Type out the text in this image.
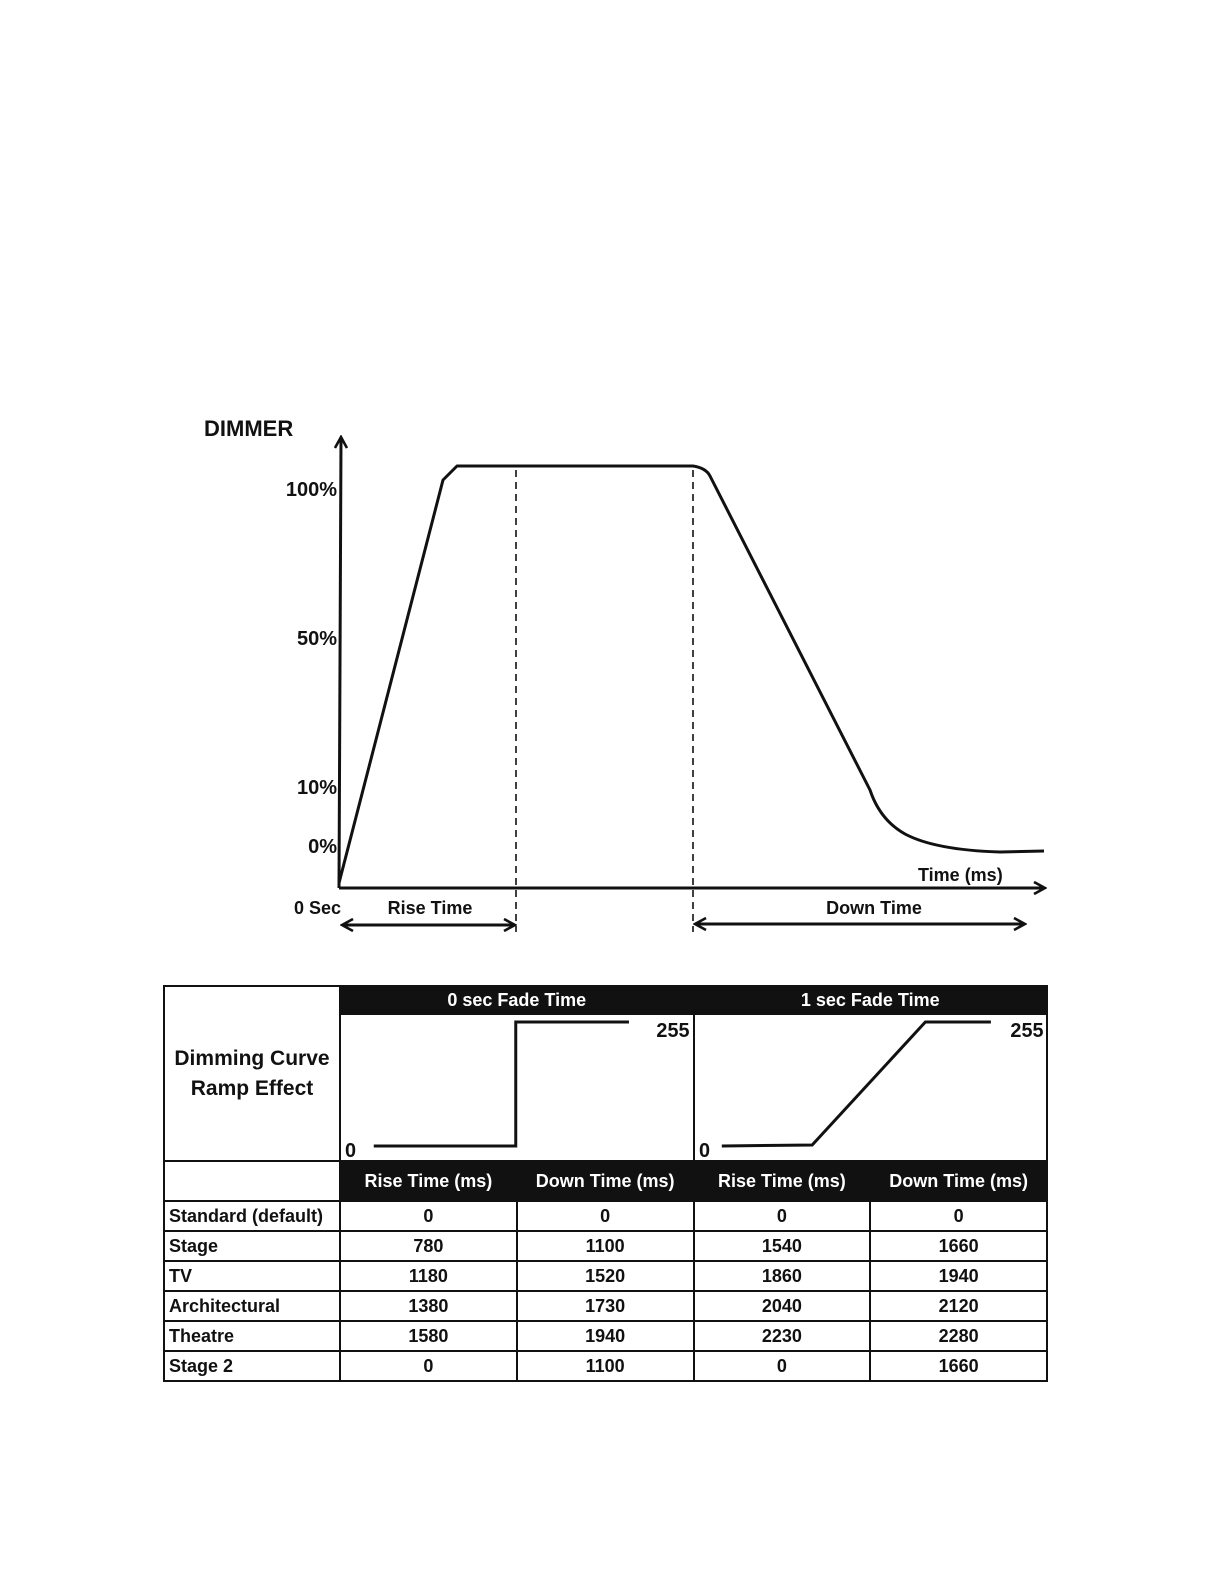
DIMMER
100%
50%
10%
0%
Time (ms)
0 Sec	Rise Time	Down Time
Dimming Curve Ramp Effect	0 sec Fade Time		1 sec Fade Time	

0
255		0
255	

	Rise Time (ms)	Down Time (ms)	Rise Time (ms)	Down Time (ms)
Standard (default)	0	0	0	0
Stage	780	1100	1540	1660
TV	1180	1520	1860	1940
Architectural	1380	1730	2040	2120
Theatre	1580	1940	2230	2280
Stage 2	0	1100	0	1660
